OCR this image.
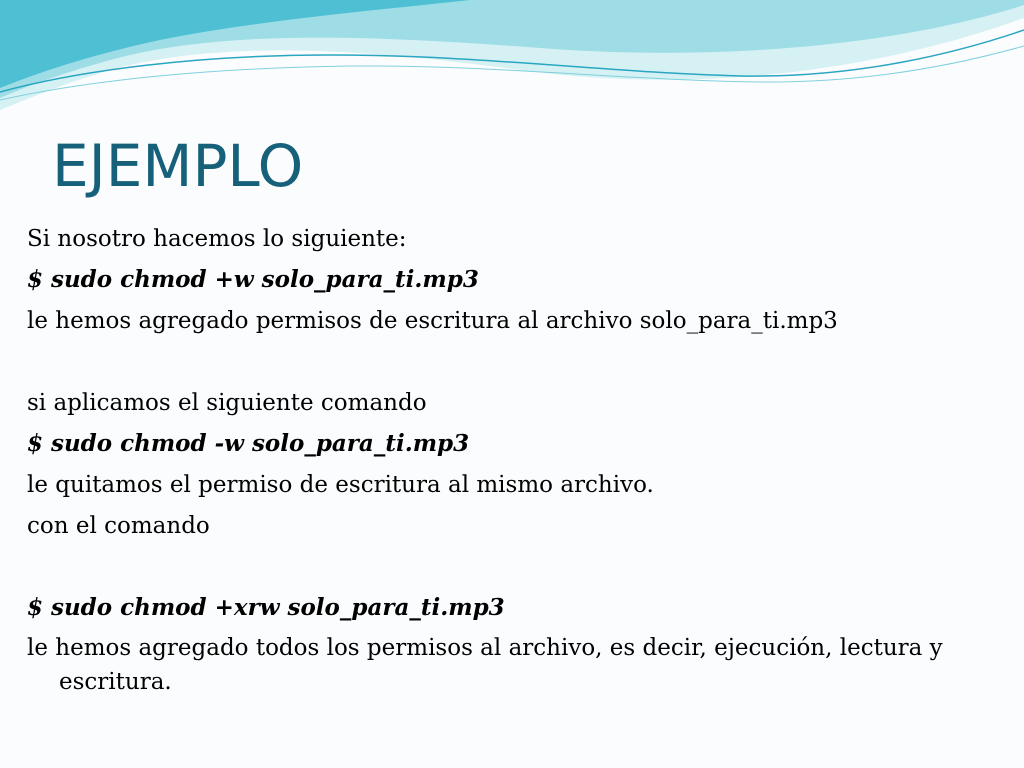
EJEMPLO
Si nosotro hacemos lo siguiente:
$ sudo chmod +w solo_para_ti.mp3
le hemos agregado permisos de escritura al archivo solo_para_ti.mp3
si aplicamos el siguiente comando
$ sudo chmod -w solo_para_ti.mp3
le quitamos el permiso de escritura al mismo archivo.
con el comando
$ sudo chmod +xrw solo_para_ti.mp3
le hemos agregado todos los permisos al archivo, es decir, ejecución, lectura y escritura.
